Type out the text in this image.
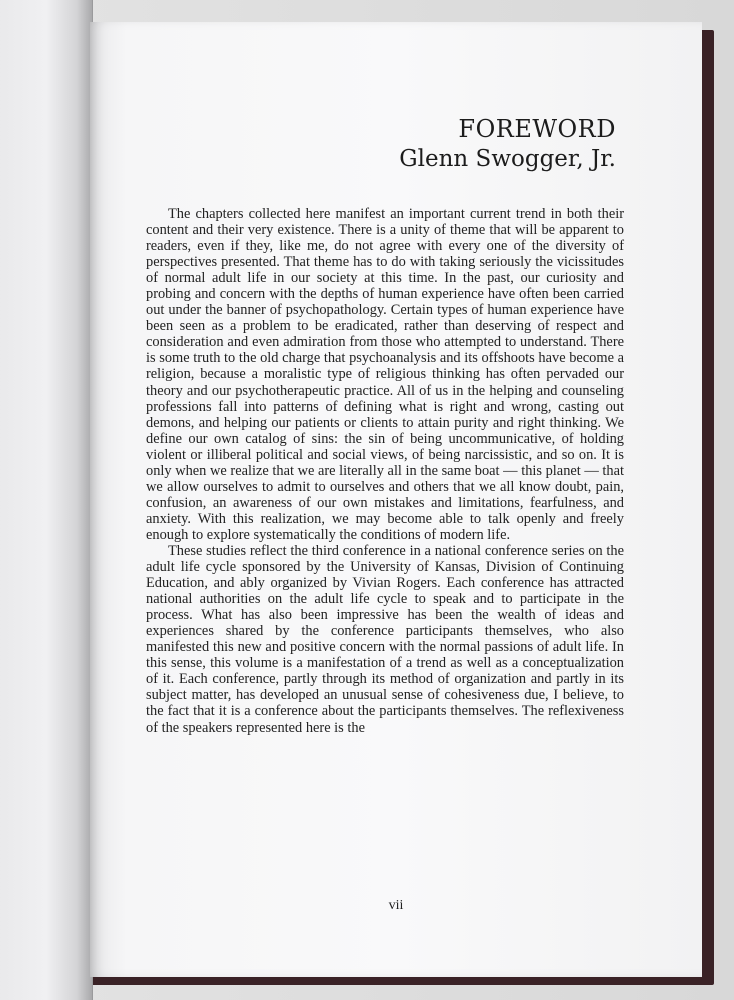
FOREWORD
Glenn Swogger, Jr.

The chapters collected here manifest an important current trend in both their content and their very existence. There is a unity of theme that will be apparent to readers, even if they, like me, do not agree with every one of the diversity of perspectives presented. That theme has to do with taking seriously the vicissitudes of normal adult life in our society at this time. In the past, our curiosity and probing and concern with the depths of human experience have often been carried out under the banner of psychopathology. Certain types of human experience have been seen as a problem to be eradicated, rather than deserving of respect and consideration and even admiration from those who attempted to understand. There is some truth to the old charge that psychoanalysis and its offshoots have become a religion, because a moralistic type of religious thinking has often pervaded our theory and our psychotherapeutic practice. All of us in the helping and counseling professions fall into patterns of defining what is right and wrong, casting out demons, and helping our patients or clients to attain purity and right thinking. We define our own catalog of sins: the sin of being uncommunicative, of holding violent or illiberal political and social views, of being narcissistic, and so on. It is only when we realize that we are literally all in the same boat — this planet — that we allow ourselves to admit to ourselves and others that we all know doubt, pain, confusion, an awareness of our own mistakes and limitations, fearfulness, and anxiety. With this realization, we may become able to talk openly and freely enough to explore systematically the conditions of modern life.

These studies reflect the third conference in a national conference series on the adult life cycle sponsored by the University of Kansas, Division of Continuing Education, and ably organized by Vivian Rogers. Each conference has attracted national authorities on the adult life cycle to speak and to participate in the process. What has also been impressive has been the wealth of ideas and experiences shared by the conference participants themselves, who also manifested this new and positive concern with the normal passions of adult life. In this sense, this volume is a manifestation of a trend as well as a conceptualization of it. Each conference, partly through its method of organization and partly in its subject matter, has developed an unusual sense of cohesiveness due, I believe, to the fact that it is a conference about the participants themselves. The reflexiveness of the speakers represented here is the

vii
